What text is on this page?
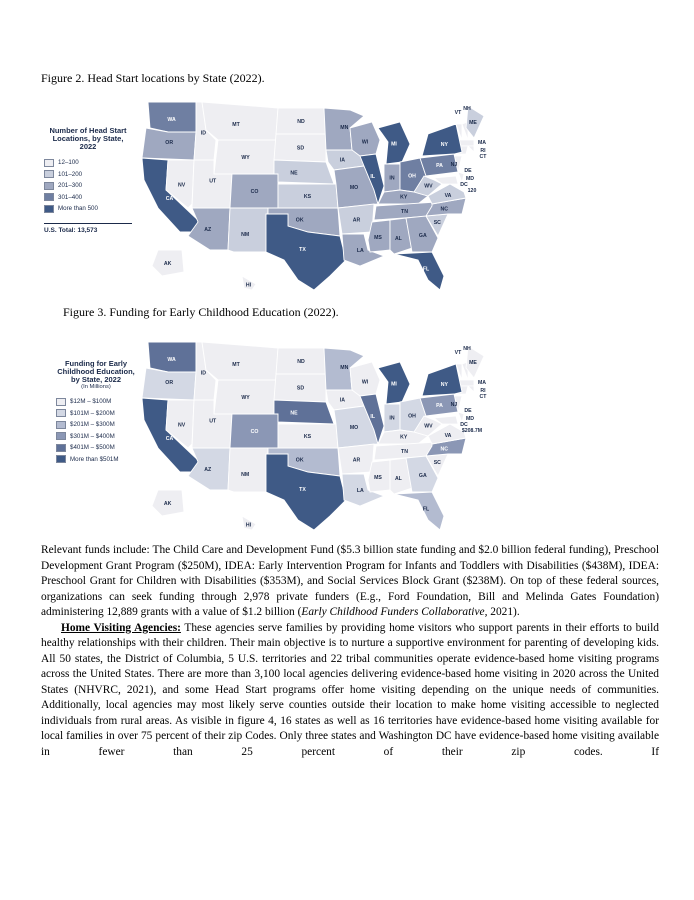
Figure 2. Head Start locations by State (2022).
Number of Head Start Locations, by State, 2022
12–100
101–200
201–300
301–400
More than 500
U.S. Total: 13,573
WA
OR
CA
NV
ID
MT
WY
UT
AZ
CO
NM
ND
SD
NE
KS
OK
TX
MN
IA
MO
AR
LA
WI
IL
MI
IN	OH
KY
TN
MS	AL	GA
FL
SC
NC
VA
WV
PA
NY
ME
AK
HI
VT
NH
MA
RI
CT
NJ
DE
MD
DC
120
Figure 3. Funding for Early Childhood Education (2022).
Funding for Early Childhood Education, by State, 2022
(In Millions)
$12M – $100M
$101M – $200M
$201M – $300M
$301M – $400M
$401M – $500M
More than $501M
WA
OR
CA
NV
ID
MT
WY
UT
AZ
CO
NM
ND
SD
NE
KS
OK
TX
MN
IA
MO
AR
LA
WI
IL
MI
IN	OH
KY
TN
MS	AL	GA
FL
SC
NC
VA
WV
PA
NY
ME
AK
HI
VT
NH
MA
RI
CT
NJ
DE
MD
DC
$208.7M

Relevant funds include: The Child Care and Development Fund ($5.3 billion state funding and $2.0 billion federal funding), Preschool Development Grant Program ($250M), IDEA: Early Intervention Program for Infants and Toddlers with Disabilities ($438M), IDEA: Preschool Grant for Children with Disabilities ($353M), and Social Services Block Grant ($238M). On top of these federal sources, organizations can seek funding through 2,978 private funders (E.g., Ford Foundation, Bill and Melinda Gates Foundation) administering 12,889 grants with a value of $1.2 billion (Early Childhood Funders Collaborative, 2021).

Home Visiting Agencies: These agencies serve families by providing home visitors who support parents in their efforts to build healthy relationships with their children. Their main objective is to nurture a supportive environment for parenting of developing kids. All 50 states, the District of Columbia, 5 U.S. territories and 22 tribal communities operate evidence-based home visiting programs across the United States. There are more than 3,100 local agencies delivering evidence-based home visiting in 2020 across the United States (NHVRC, 2021), and some Head Start programs offer home visiting depending on the unique needs of communities. Additionally, local agencies may most likely serve counties outside their location to make home visiting accessible to neglected individuals from rural areas. As visible in figure 4, 16 states as well as 16 territories have evidence-based home visiting available for local families in over 75 percent of their zip Codes. Only three states and Washington DC have evidence-based home visiting available in fewer than 25 percent of their zip codes. If
